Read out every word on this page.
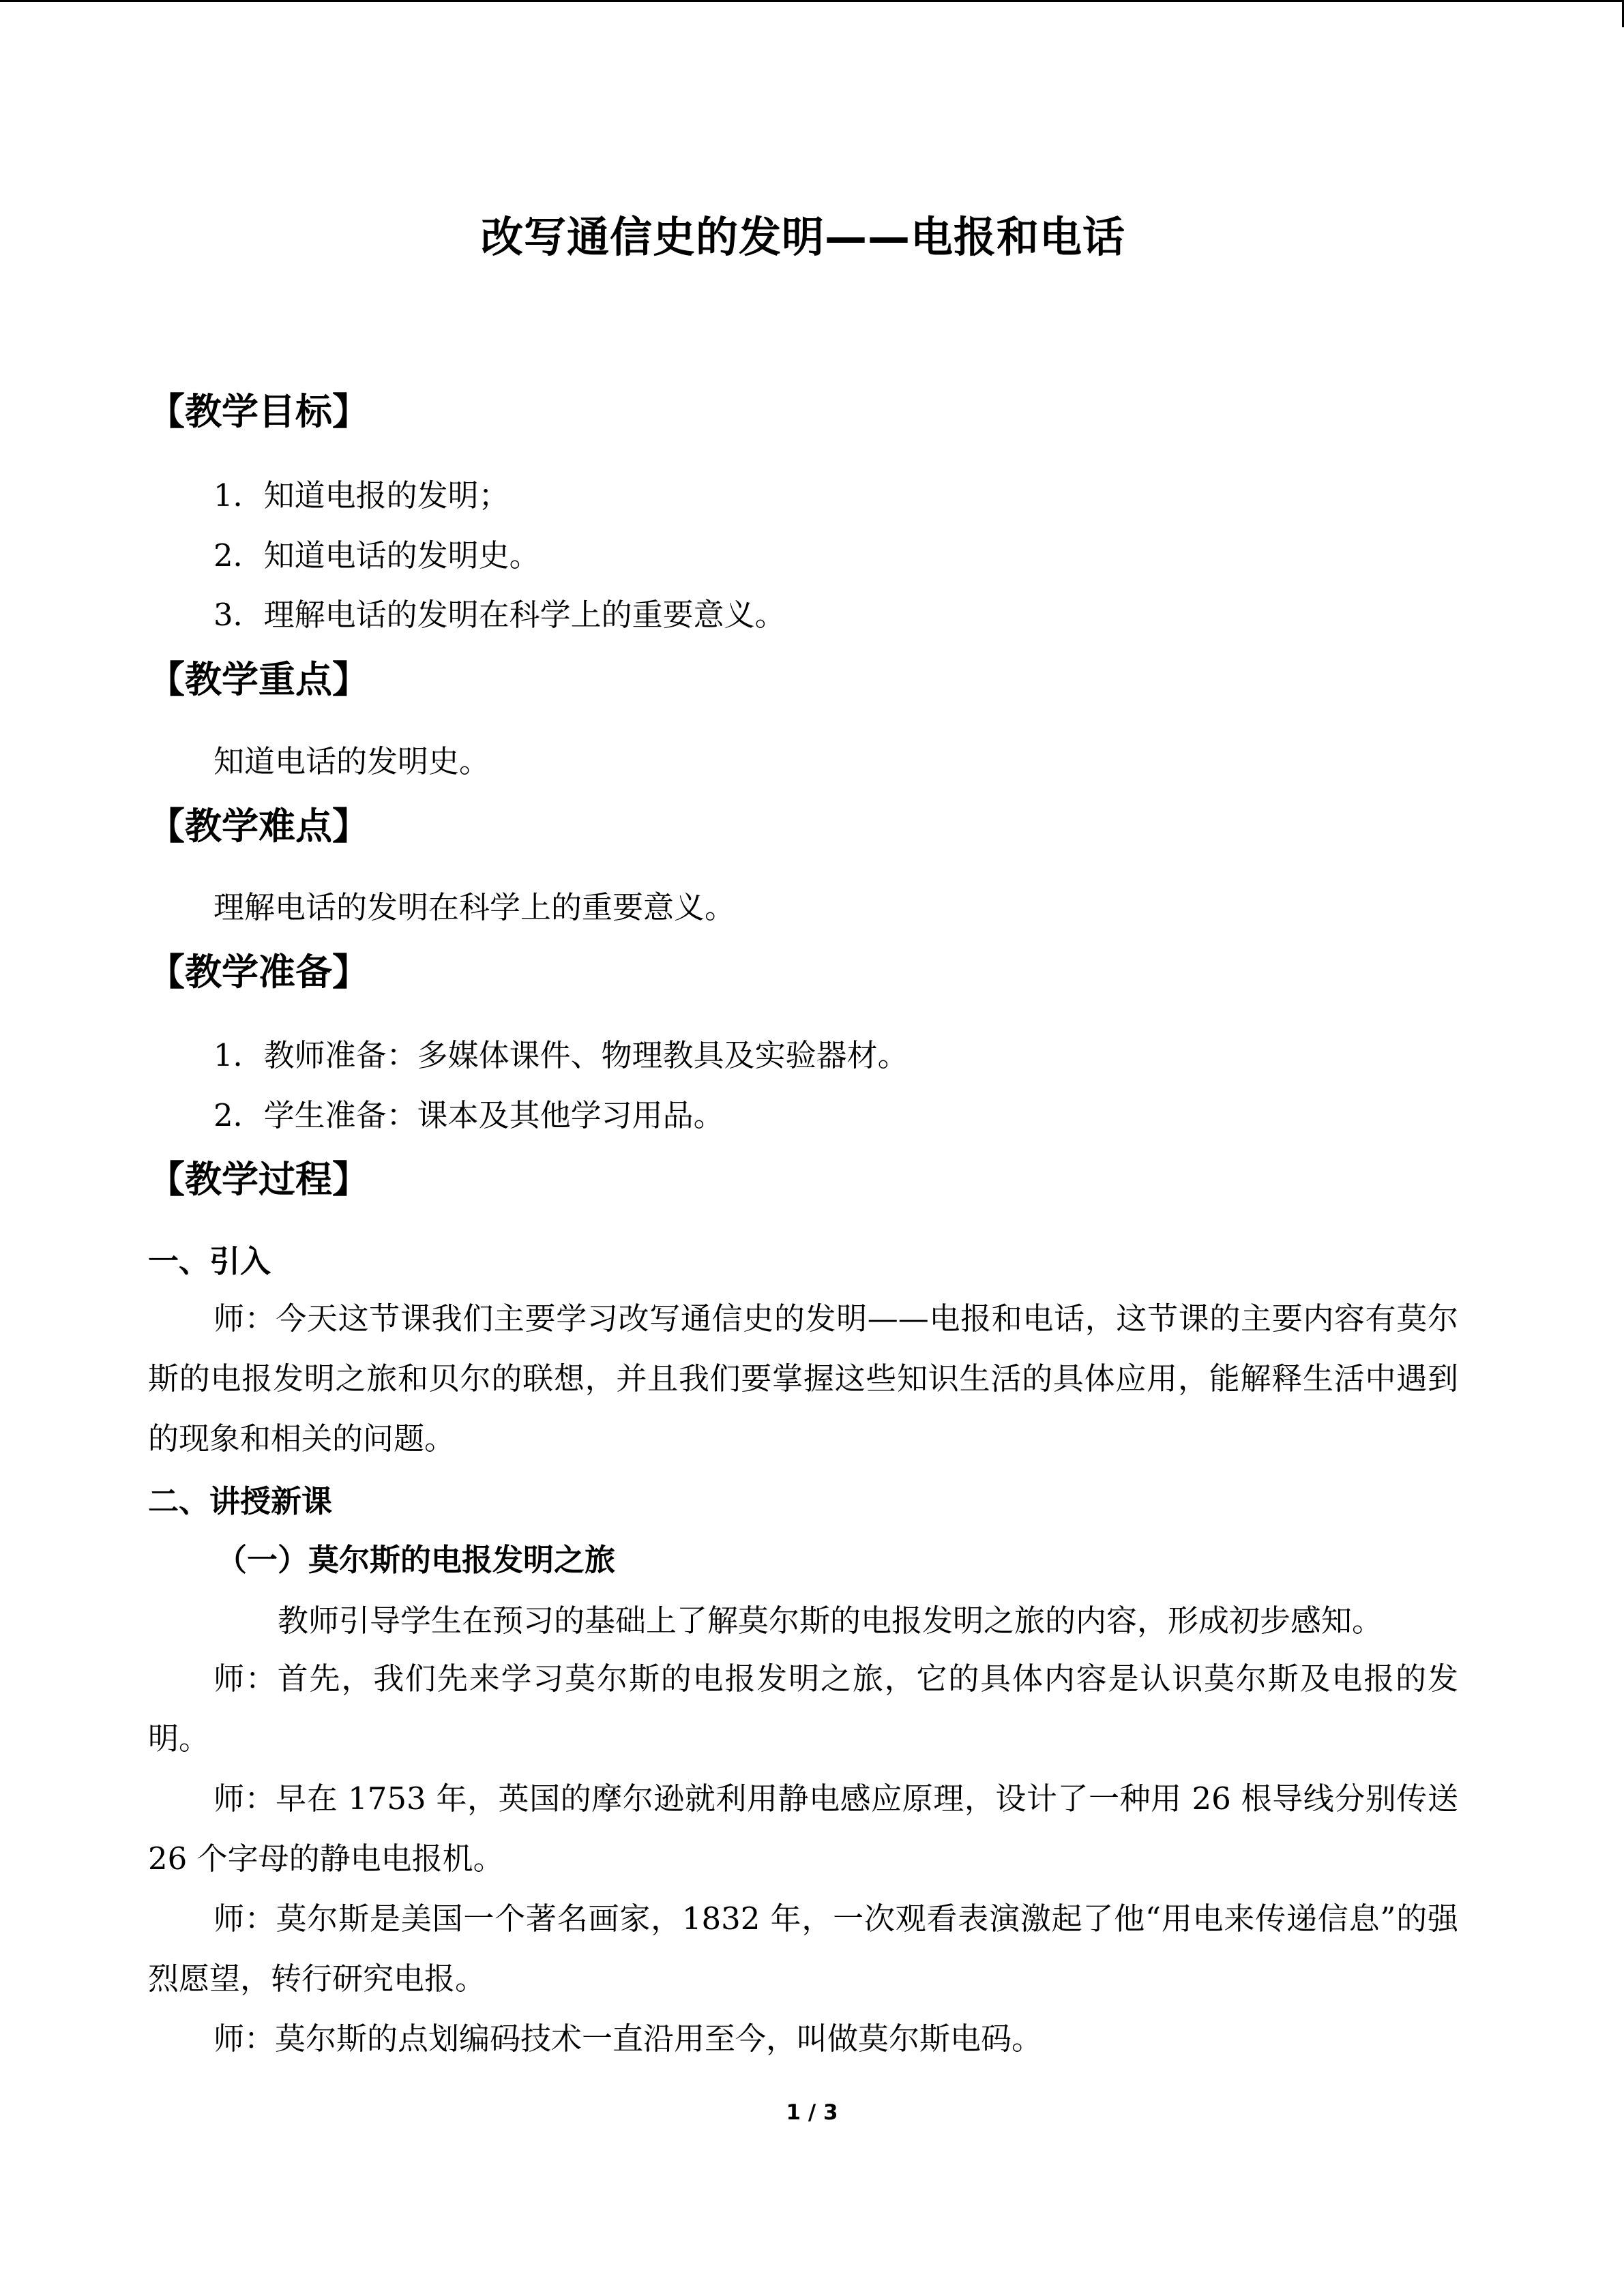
改写通信史的发明——电报和电话
【教学目标】
1．知道电报的发明；
2．知道电话的发明史。
3．理解电话的发明在科学上的重要意义。
【教学重点】
知道电话的发明史。
【教学难点】
理解电话的发明在科学上的重要意义。
【教学准备】
1．教师准备：多媒体课件、物理教具及实验器材。
2．学生准备：课本及其他学习用品。
【教学过程】
一、引入
师：今天这节课我们主要学习改写通信史的发明——电报和电话，这节课的主要内容有莫尔斯的电报发明之旅和贝尔的联想，并且我们要掌握这些知识生活的具体应用，能解释生活中遇到的现象和相关的问题。
二、讲授新课
（一）莫尔斯的电报发明之旅
教师引导学生在预习的基础上了解莫尔斯的电报发明之旅的内容，形成初步感知。
师：首先，我们先来学习莫尔斯的电报发明之旅，它的具体内容是认识莫尔斯及电报的发明。
师：早在 1753 年，英国的摩尔逊就利用静电感应原理，设计了一种用 26 根导线分别传送 26 个字母的静电电报机。
师：莫尔斯是美国一个著名画家，1832 年，一次观看表演激起了他“用电来传递信息”的强烈愿望，转行研究电报。
师：莫尔斯的点划编码技术一直沿用至今，叫做莫尔斯电码。
1 / 3
